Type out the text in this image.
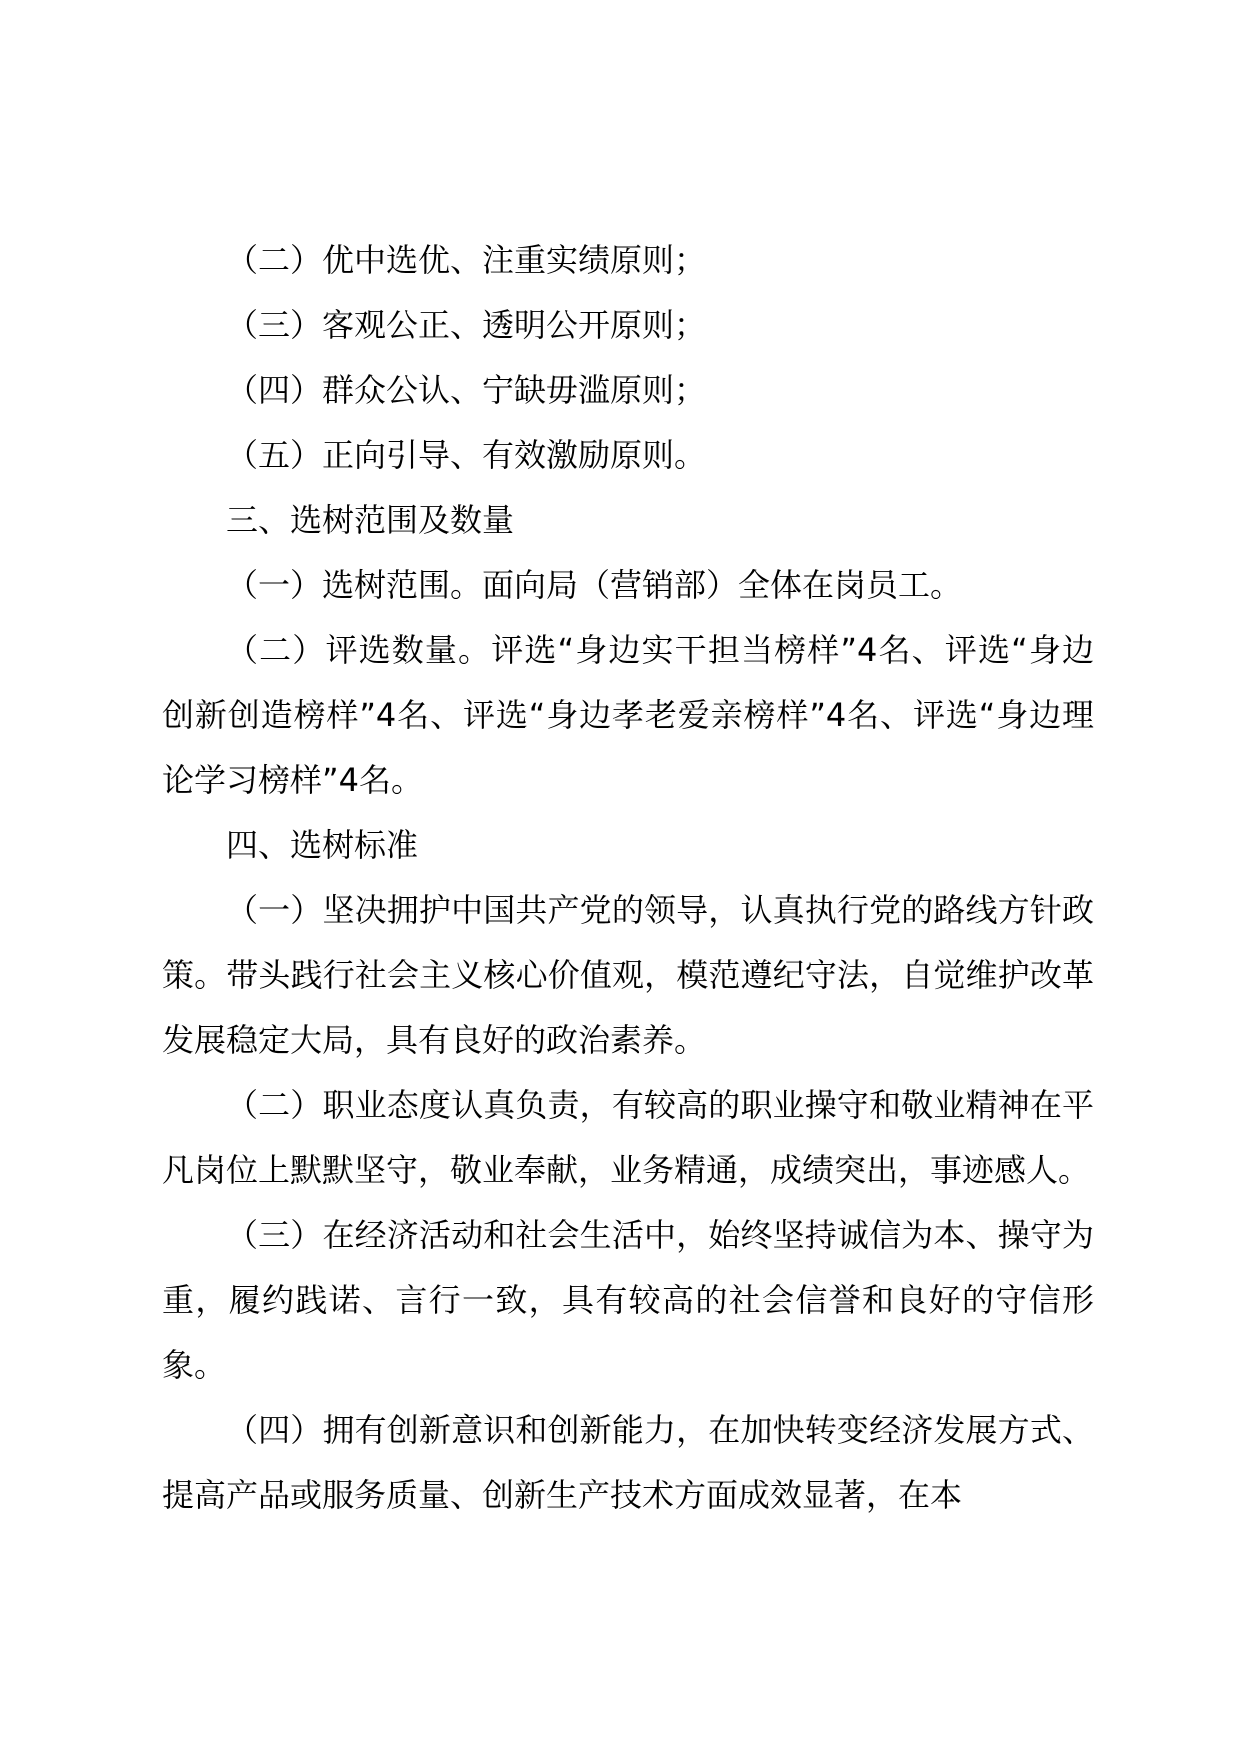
（二）优中选优、注重实绩原则；

（三）客观公正、透明公开原则；

（四）群众公认、宁缺毋滥原则；

（五）正向引导、有效激励原则。

三、选树范围及数量

（一）选树范围。面向局（营销部）全体在岗员工。

（二）评选数量。评选“身边实干担当榜样”4名、评选“身边创新创造榜样”4名、评选“身边孝老爱亲榜样”4名、评选“身边理论学习榜样”4名。

四、选树标准

（一）坚决拥护中国共产党的领导，认真执行党的路线方针政策。带头践行社会主义核心价值观，模范遵纪守法，自觉维护改革发展稳定大局，具有良好的政治素养。

（二）职业态度认真负责，有较高的职业操守和敬业精神在平凡岗位上默默坚守，敬业奉献，业务精通，成绩突出，事迹感人。

（三）在经济活动和社会生活中，始终坚持诚信为本、操守为重，履约践诺、言行一致，具有较高的社会信誉和良好的守信形象。

（四）拥有创新意识和创新能力，在加快转变经济发展方式、提高产品或服务质量、创新生产技术方面成效显著，在本
